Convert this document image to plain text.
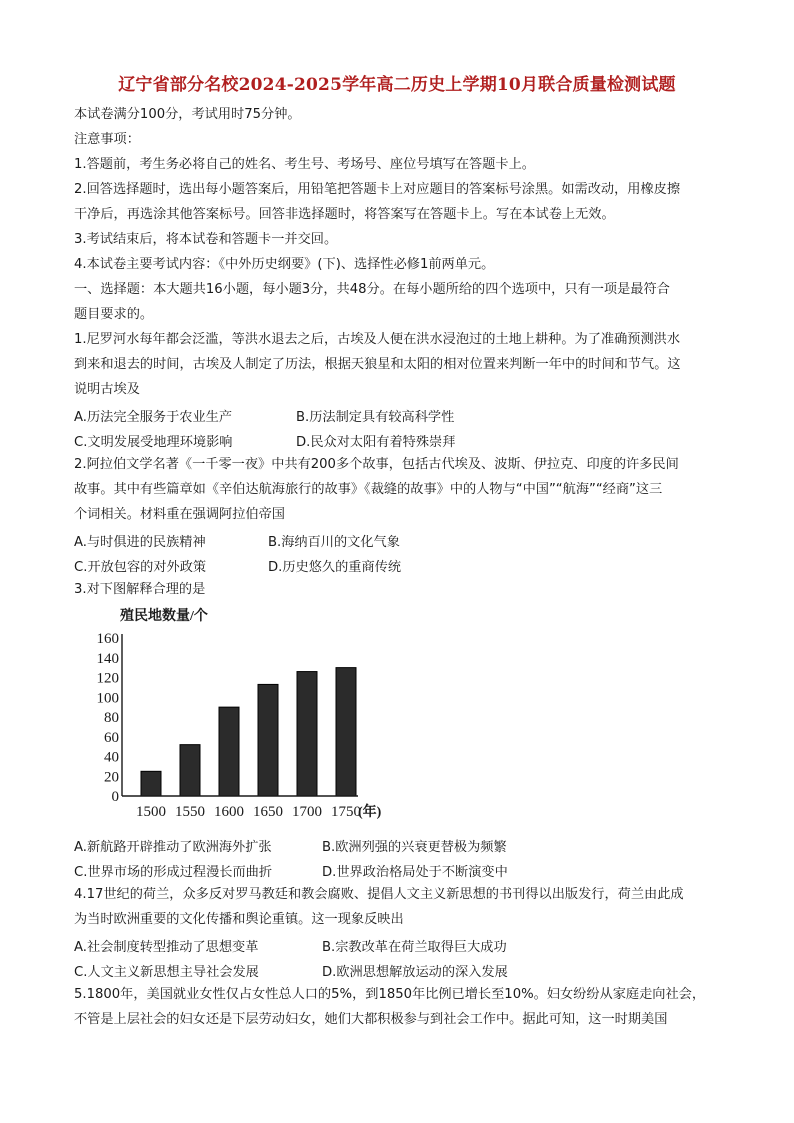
辽宁省部分名校2024-2025学年高二历史上学期10月联合质量检测试题
本试卷满分100分，考试用时75分钟。
注意事项：
1.答题前，考生务必将自己的姓名、考生号、考场号、座位号填写在答题卡上。
2.回答选择题时，选出每小题答案后，用铅笔把答题卡上对应题目的答案标号涂黑。如需改动，用橡皮擦
干净后，再选涂其他答案标号。回答非选择题时，将答案写在答题卡上。写在本试卷上无效。
3.考试结束后，将本试卷和答题卡一并交回。
4.本试卷主要考试内容：《中外历史纲要》(下)、选择性必修1前两单元。
一、选择题：本大题共16小题，每小题3分，共48分。在每小题所给的四个选项中，只有一项是最符合
题目要求的。
1.尼罗河水每年都会泛滥，等洪水退去之后，古埃及人便在洪水浸泡过的土地上耕种。为了准确预测洪水
到来和退去的时间，古埃及人制定了历法，根据天狼星和太阳的相对位置来判断一年中的时间和节气。这
说明古埃及
A.历法完全服务于农业生产	B.历法制定具有较高科学性
C.文明发展受地理环境影响	D.民众对太阳有着特殊崇拜
2.阿拉伯文学名著《一千零一夜》中共有200多个故事，包括古代埃及、波斯、伊拉克、印度的许多民间
故事。其中有些篇章如《辛伯达航海旅行的故事》《裁缝的故事》中的人物与“中国”“航海”“经商”这三
个词相关。材料重在强调阿拉伯帝国
A.与时俱进的民族精神	B.海纳百川的文化气象
C.开放包容的对外政策	D.历史悠久的重商传统
3.对下图解释合理的是
殖民地数量/个
0
20
40
60
80
100
120
140
160
1500 1550 1600 1650 1700 1750
(年)
A.新航路开辟推动了欧洲海外扩张	B.欧洲列强的兴衰更替极为频繁
C.世界市场的形成过程漫长而曲折	D.世界政治格局处于不断演变中
4.17世纪的荷兰，众多反对罗马教廷和教会腐败、提倡人文主义新思想的书刊得以出版发行，荷兰由此成
为当时欧洲重要的文化传播和舆论重镇。这一现象反映出
A.社会制度转型推动了思想变革	B.宗教改革在荷兰取得巨大成功
C.人文主义新思想主导社会发展	D.欧洲思想解放运动的深入发展
5.1800年，美国就业女性仅占女性总人口的5%，到1850年比例已增长至10%。妇女纷纷从家庭走向社会，
不管是上层社会的妇女还是下层劳动妇女，她们大都积极参与到社会工作中。据此可知，这一时期美国
